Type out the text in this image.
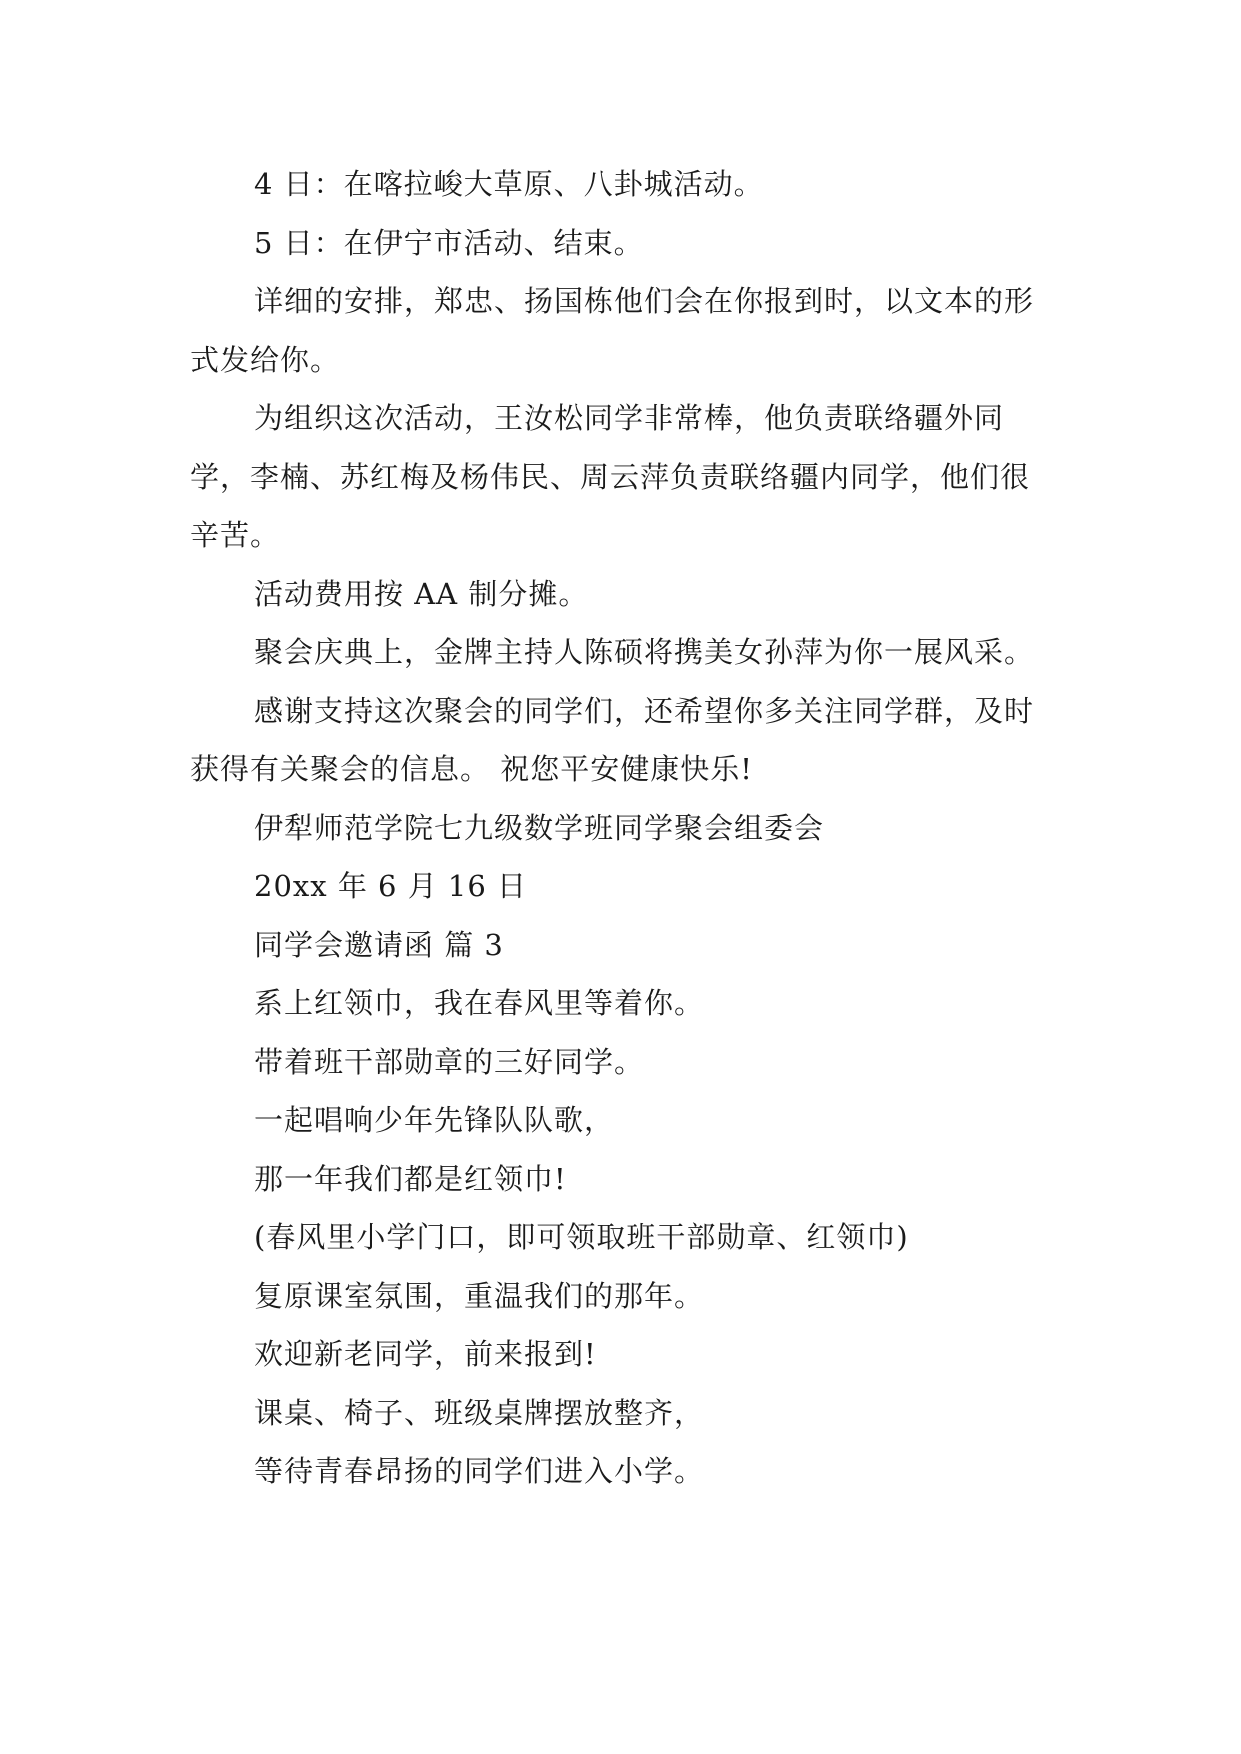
4 日：在喀拉峻大草原、八卦城活动。

5 日：在伊宁市活动、结束。

详细的安排，郑忠、扬国栋他们会在你报到时，以文本的形式发给你。

为组织这次活动，王汝松同学非常棒，他负责联络疆外同学，李楠、苏红梅及杨伟民、周云萍负责联络疆内同学，他们很辛苦。

活动费用按 AA 制分摊。

聚会庆典上，金牌主持人陈硕将携美女孙萍为你一展风采。

感谢支持这次聚会的同学们，还希望你多关注同学群，及时获得有关聚会的信息。 祝您平安健康快乐!

伊犁师范学院七九级数学班同学聚会组委会

20xx 年 6 月 16 日

同学会邀请函 篇 3

系上红领巾，我在春风里等着你。

带着班干部勋章的三好同学。

一起唱响少年先锋队队歌，

那一年我们都是红领巾!

(春风里小学门口，即可领取班干部勋章、红领巾)

复原课室氛围，重温我们的那年。

欢迎新老同学，前来报到!

课桌、椅子、班级桌牌摆放整齐，

等待青春昂扬的同学们进入小学。
